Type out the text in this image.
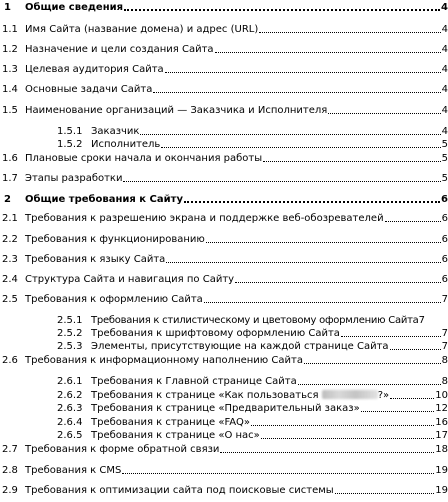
1	Общие сведения	4
1.1 Имя Сайта (название домена) и адрес (URL)	4
1.2 Назначение и цели создания Сайта	4
1.3 Целевая аудитория Сайта	4
1.4 Основные задачи Сайта	4
1.5 Наименование организаций — Заказчика и Исполнителя	4
1.5.1 Заказчик	4
1.5.2 Исполнитель	5
1.6 Плановые сроки начала и окончания работы	5
1.7 Этапы разработки	5
2	Общие требования к Сайту	6
2.1 Требования к разрешению экрана и поддержке веб-обозревателей	6
2.2 Требования к функционированию	6
2.3 Требования к языку Сайта	6
2.4 Структура Сайта и навигация по Сайту	6
2.5 Требования к оформлению Сайта	7
2.5.1 Требования к стилистическому и цветовому оформлению Сайта 7
2.5.2 Требования к шрифтовому оформлению Сайта	7
2.5.3 Элементы, присутствующие на каждой странице Сайта	7
2.6 Требования к информационному наполнению Сайта	8
2.6.1 Требования к Главной странице Сайта	8
2.6.2 Требования к странице «Как пользоваться	?»	10
2.6.3 Требования к странице «Предварительный заказ»	12
2.6.4 Требования к странице «FAQ»	16
2.6.5 Требования к странице «О нас»	17
2.7 Требования к форме обратной связи	18
2.8 Требования к CMS	19
2.9 Требования к оптимизации сайта под поисковые системы	19
